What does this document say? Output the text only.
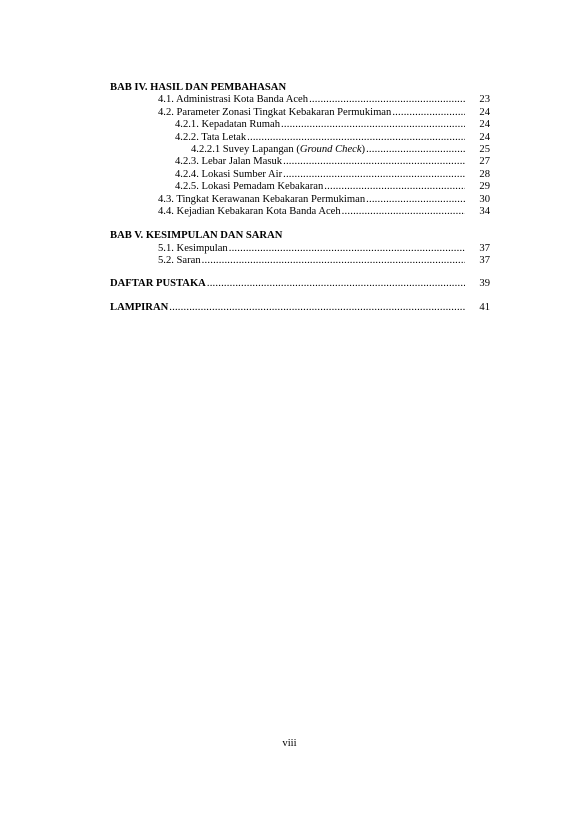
BAB IV. HASIL DAN PEMBAHASAN
4.1. Administrasi Kota Banda Aceh .....	23
4.2. Parameter Zonasi Tingkat Kebakaran Permukiman .....	24
4.2.1. Kepadatan Rumah .....	24
4.2.2. Tata Letak .....	24
4.2.2.1 Suvey Lapangan (Ground Check) .....	25
4.2.3. Lebar Jalan Masuk .....	27
4.2.4. Lokasi Sumber Air .....	28
4.2.5. Lokasi Pemadam Kebakaran .....	29
4.3. Tingkat Kerawanan Kebakaran Permukiman .....	30
4.4. Kejadian Kebakaran Kota Banda Aceh .....	34
BAB V. KESIMPULAN DAN SARAN
5.1. Kesimpulan .....	37
5.2. Saran .....	37
DAFTAR PUSTAKA .....	39
LAMPIRAN .....	41
viii
